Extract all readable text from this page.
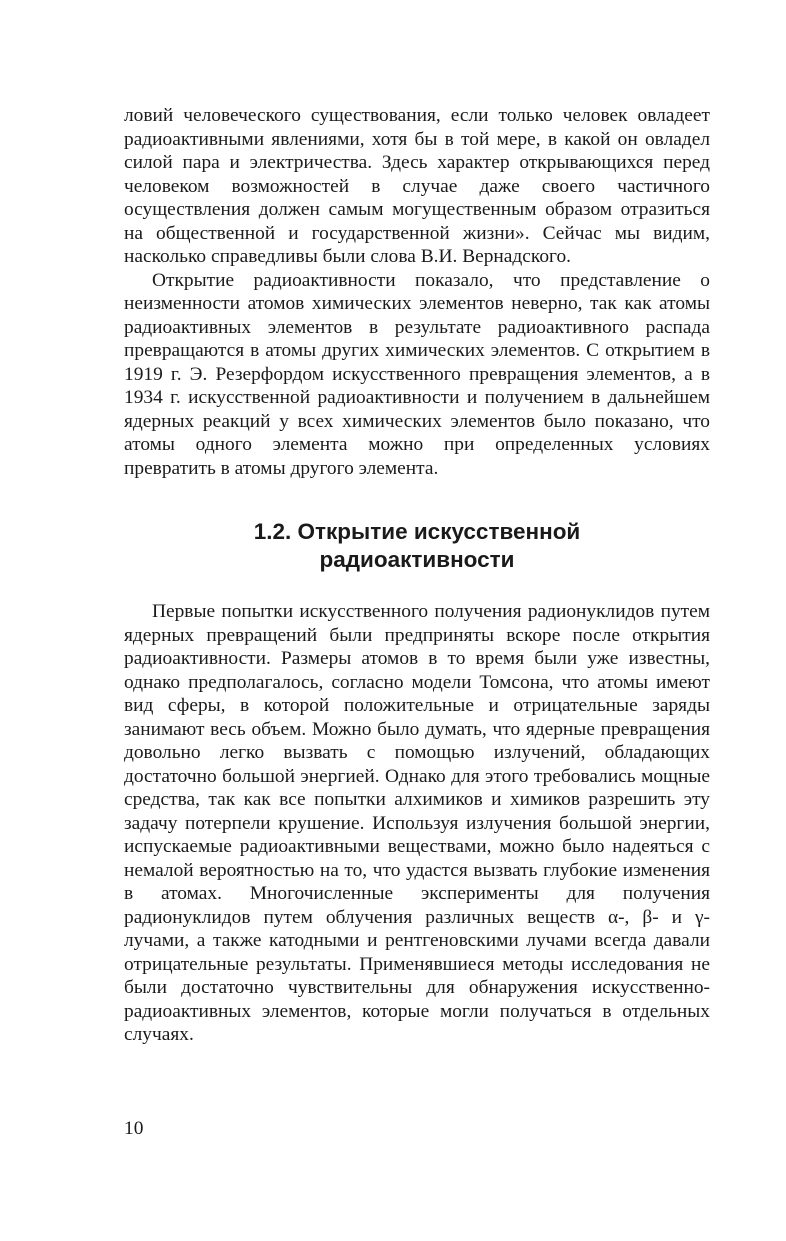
ловий человеческого существования, если только человек овладеет радиоактивными явлениями, хотя бы в той мере, в какой он овладел силой пара и электричества. Здесь характер открывающихся перед человеком возможностей в случае даже своего частичного осуществления должен самым могущественным образом отразиться на общественной и государственной жизни». Сейчас мы видим, насколько справедливы были слова В.И. Вернадского.

Открытие радиоактивности показало, что представление о неизменности атомов химических элементов неверно, так как атомы радиоактивных элементов в результате радиоактивного распада превращаются в атомы других химических элементов. С открытием в 1919 г. Э. Резерфордом искусственного превращения элементов, а в 1934 г. искусственной радиоактивности и получением в дальнейшем ядерных реакций у всех химических элементов было показано, что атомы одного элемента можно при определенных условиях превратить в атомы другого элемента.

1.2. Открытие искусственной
радиоактивности

Первые попытки искусственного получения радионуклидов путем ядерных превращений были предприняты вскоре после открытия радиоактивности. Размеры атомов в то время были уже известны, однако предполагалось, согласно модели Томсона, что атомы имеют вид сферы, в которой положительные и отрицательные заряды занимают весь объем. Можно было думать, что ядерные превращения довольно легко вызвать с помощью излучений, обладающих достаточно большой энергией. Однако для этого требовались мощные средства, так как все попытки алхимиков и химиков разрешить эту задачу потерпели крушение. Используя излучения большой энергии, испускаемые радиоактивными веществами, можно было надеяться с немалой вероятностью на то, что удастся вызвать глубокие изменения в атомах. Многочисленные эксперименты для получения радионуклидов путем облучения различных веществ α-, β- и γ-лучами, а также катодными и рентгеновскими лучами всегда давали отрицательные результаты. Применявшиеся методы исследования не были достаточно чувствительны для обнаружения искусственно-радиоактивных элементов, которые могли получаться в отдельных случаях.

10
